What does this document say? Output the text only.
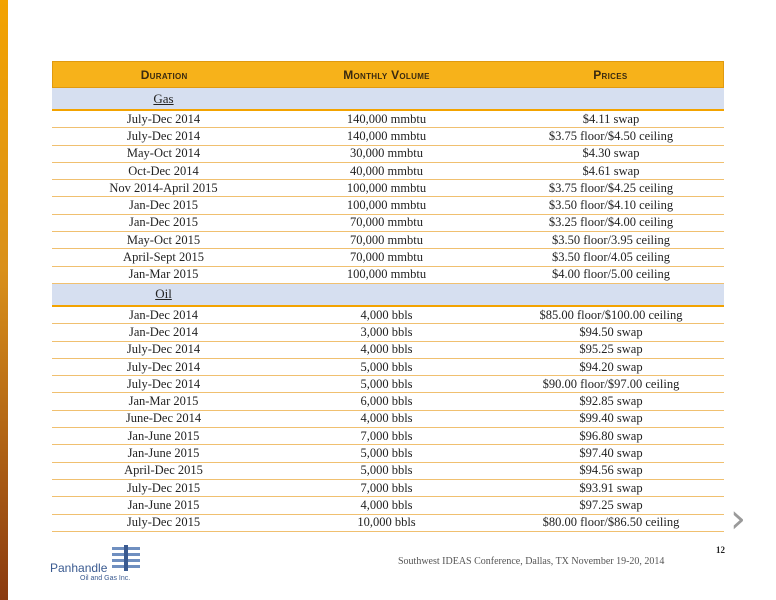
Duration	Monthly Volume	Prices
Gas
July-Dec 2014	140,000 mmbtu	$4.11 swap
July-Dec 2014	140,000 mmbtu	$3.75 floor/$4.50 ceiling
May-Oct 2014	30,000 mmbtu	$4.30 swap
Oct-Dec 2014	40,000 mmbtu	$4.61 swap
Nov 2014-April 2015	100,000 mmbtu	$3.75 floor/$4.25 ceiling
Jan-Dec 2015	100,000 mmbtu	$3.50 floor/$4.10 ceiling
Jan-Dec 2015	70,000 mmbtu	$3.25 floor/$4.00 ceiling
May-Oct 2015	70,000 mmbtu	$3.50 floor/3.95 ceiling
April-Sept 2015	70,000 mmbtu	$3.50 floor/4.05 ceiling
Jan-Mar 2015	100,000 mmbtu	$4.00 floor/5.00 ceiling
Oil
Jan-Dec 2014	4,000 bbls	$85.00 floor/$100.00 ceiling
Jan-Dec 2014	3,000 bbls	$94.50 swap
July-Dec 2014	4,000 bbls	$95.25 swap
July-Dec 2014	5,000 bbls	$94.20 swap
July-Dec 2014	5,000 bbls	$90.00 floor/$97.00 ceiling
Jan-Mar 2015	6,000 bbls	$92.85 swap
June-Dec 2014	4,000 bbls	$99.40 swap
Jan-June 2015	7,000 bbls	$96.80 swap
Jan-June 2015	5,000 bbls	$97.40 swap
April-Dec 2015	5,000 bbls	$94.56 swap
July-Dec 2015	7,000 bbls	$93.91 swap
Jan-June 2015	4,000 bbls	$97.25 swap
July-Dec 2015	10,000 bbls	$80.00 floor/$86.50 ceiling	›
12
Southwest IDEAS Conference, Dallas, TX November 19-20, 2014
Panhandle
Oil and Gas Inc.
